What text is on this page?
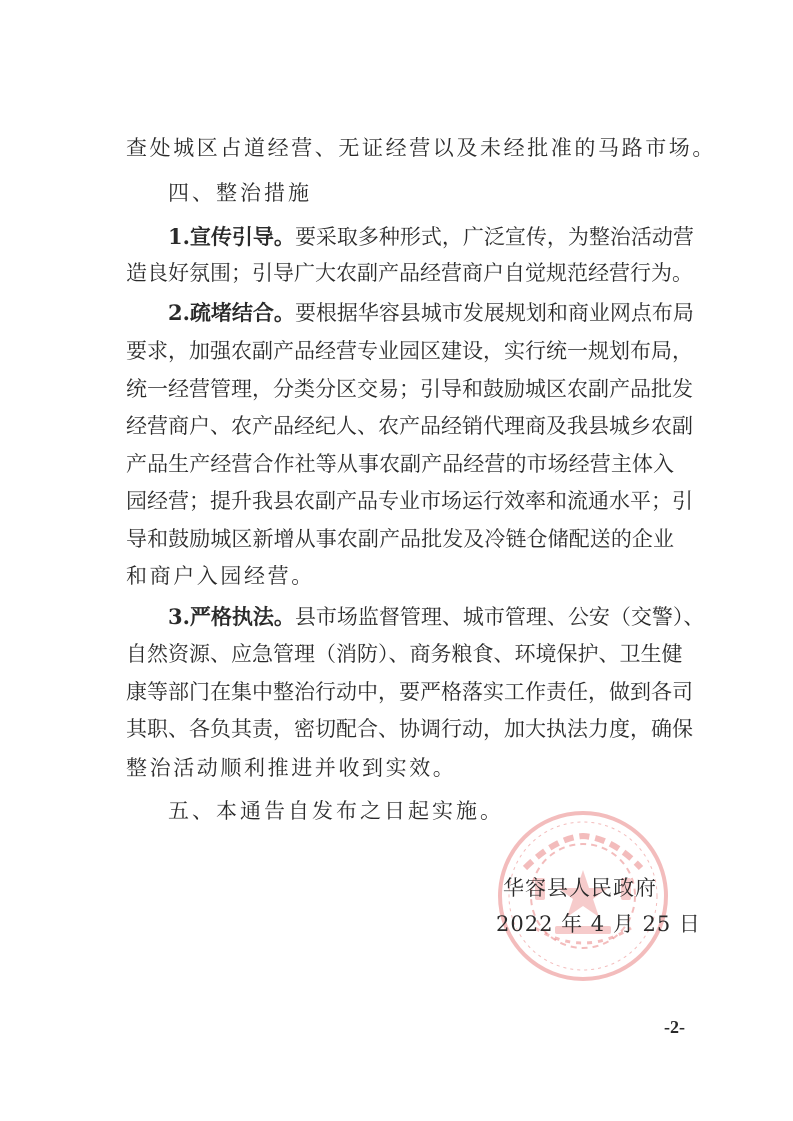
查处城区占道经营、无证经营以及未经批准的马路市场。
四、整治措施
1.宣传引导。要采取多种形式，广泛宣传，为整治活动营
造良好氛围；引导广大农副产品经营商户自觉规范经营行为。
2.疏堵结合。要根据华容县城市发展规划和商业网点布局
要求，加强农副产品经营专业园区建设，实行统一规划布局，
统一经营管理，分类分区交易；引导和鼓励城区农副产品批发
经营商户、农产品经纪人、农产品经销代理商及我县城乡农副
产品生产经营合作社等从事农副产品经营的市场经营主体入
园经营；提升我县农副产品专业市场运行效率和流通水平；引
导和鼓励城区新增从事农副产品批发及冷链仓储配送的企业
和商户入园经营。
3.严格执法。县市场监督管理、城市管理、公安（交警）、
自然资源、应急管理（消防）、商务粮食、环境保护、卫生健
康等部门在集中整治行动中，要严格落实工作责任，做到各司
其职、各负其责，密切配合、协调行动，加大执法力度，确保
整治活动顺利推进并收到实效。
五、本通告自发布之日起实施。
华容县人民政府
2022 年 4 月 25 日
-2-
